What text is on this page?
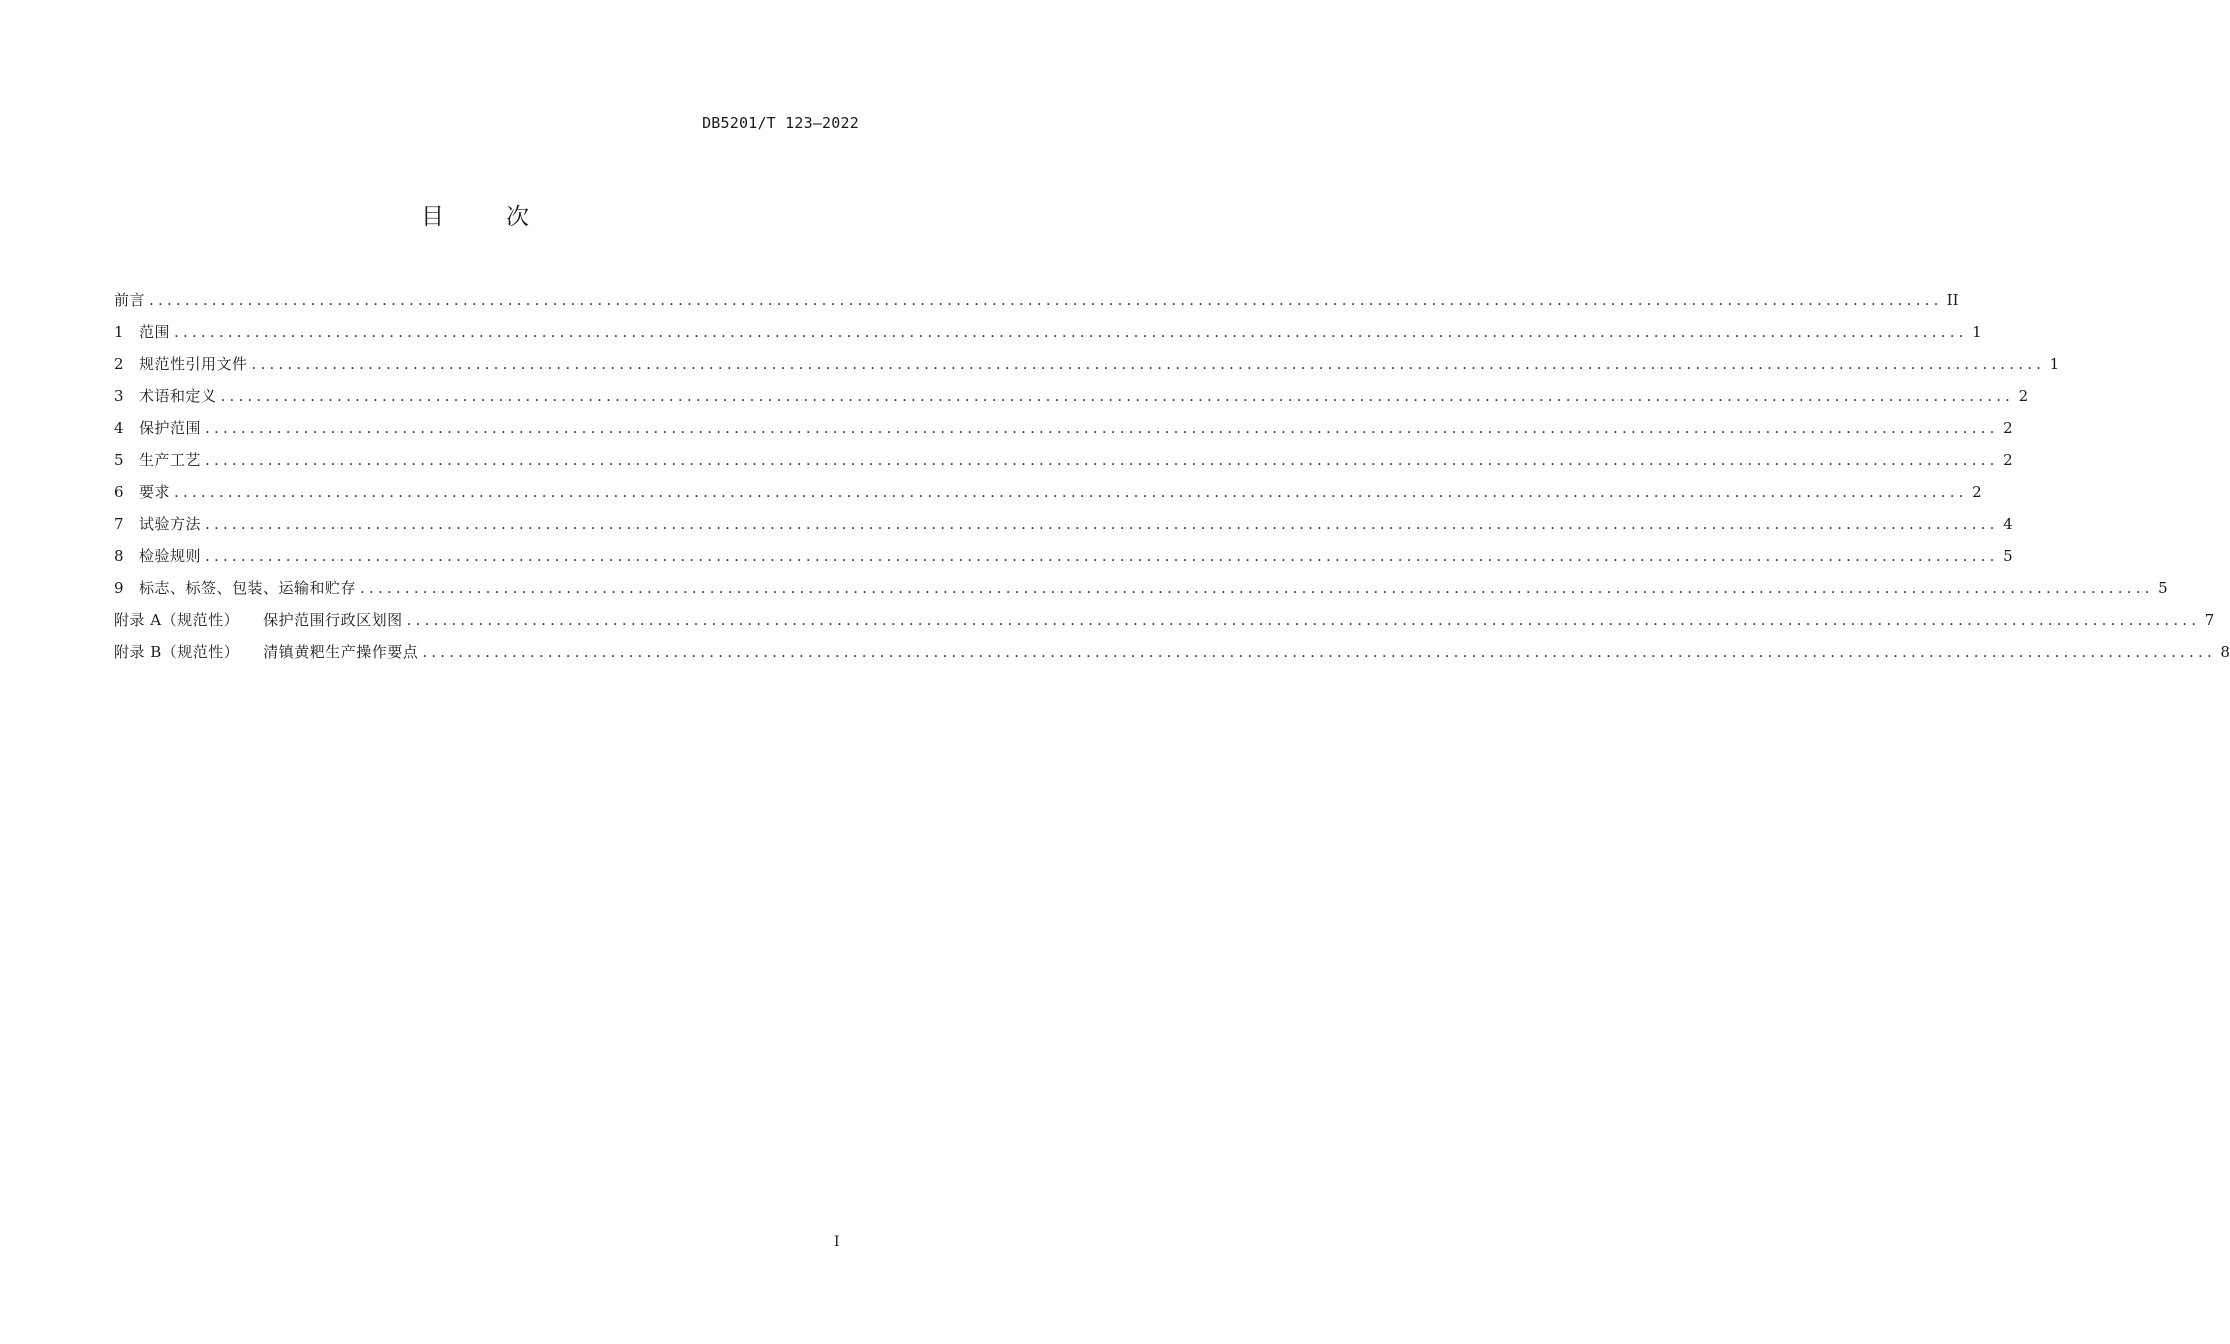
DB5201/T 123—2022
目次
前言 ........................................................................................................................................................................................................ II
1	范围 ........................................................................................................................................................................................................ 1
2	规范性引用文件 ........................................................................................................................................................................................................ 1
3	术语和定义 ........................................................................................................................................................................................................ 2
4	保护范围 ........................................................................................................................................................................................................ 2
5	生产工艺 ........................................................................................................................................................................................................ 2
6	要求 ........................................................................................................................................................................................................ 2
7	试验方法 ........................................................................................................................................................................................................ 4
8	检验规则 ........................................................................................................................................................................................................ 5
9	标志、标签、包装、运输和贮存 ........................................................................................................................................................................................................ 5
附录 A（规范性） 保护范围行政区划图 ........................................................................................................................................................................................................ 7
附录 B（规范性） 清镇黄粑生产操作要点 ........................................................................................................................................................................................................ 8
I
